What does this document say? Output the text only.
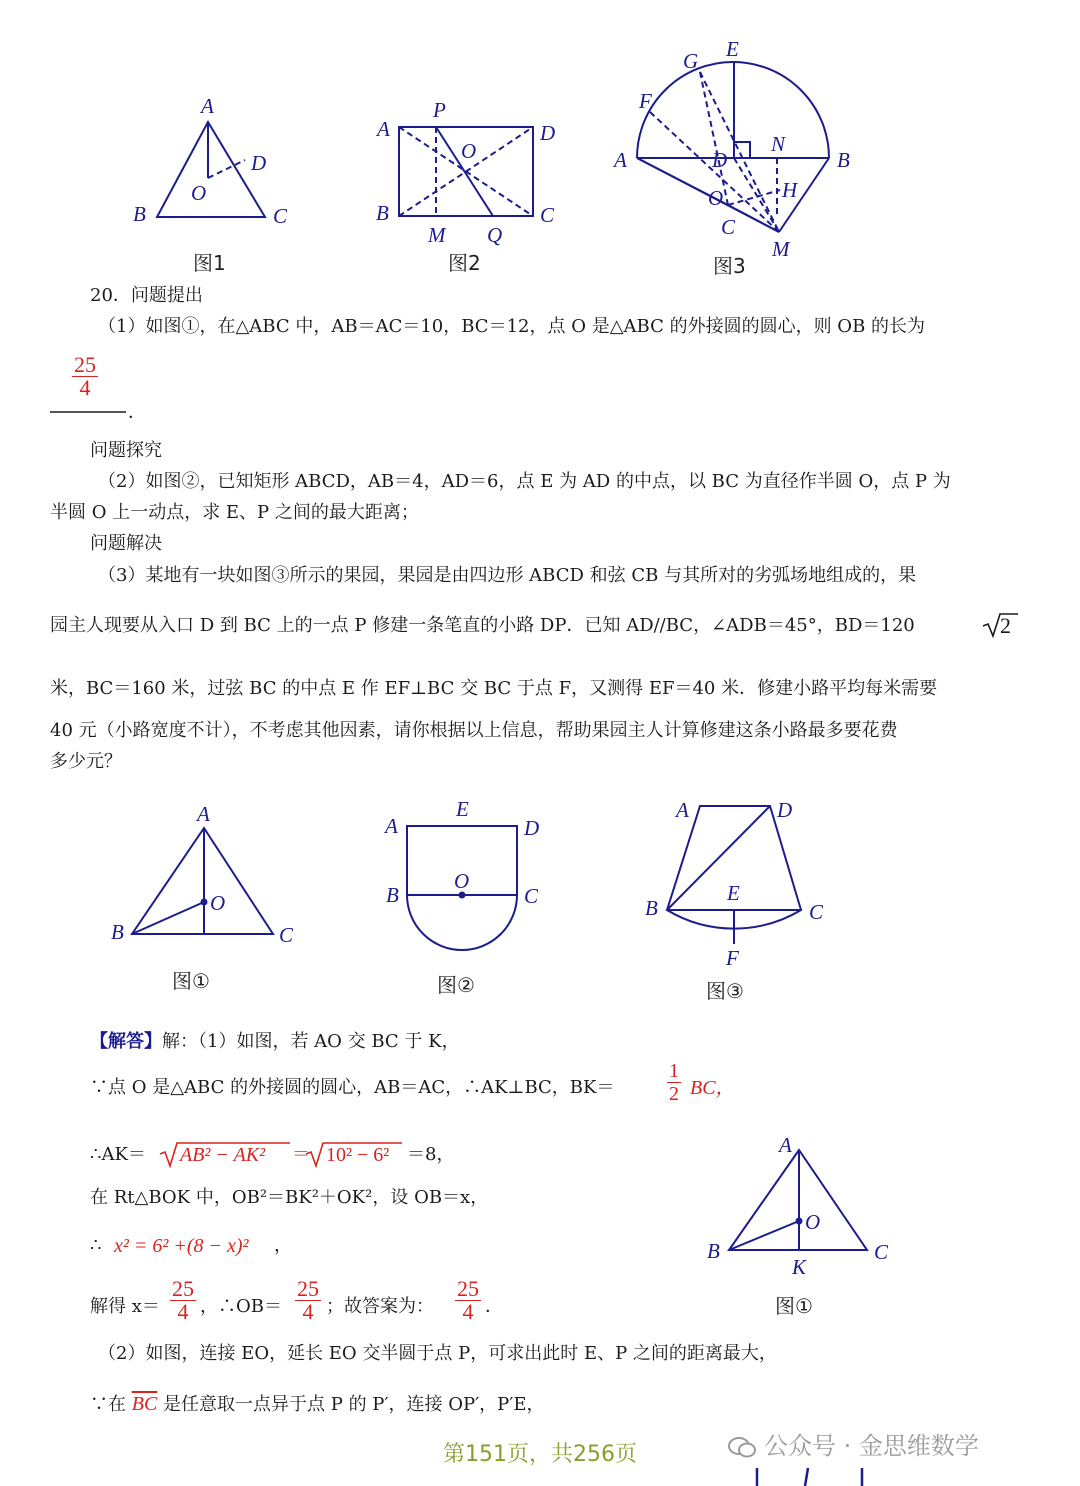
A
B	C
D
O
图1
P
A	D
O
B	C
M Q
图2
G E
F
A	D
N
B
O	H
C
M
图3
A
O
B	C
图①
E
A	D
O
B	C
图②
A	D
E
B	C
F
图③
A
O
B
K
C
图①
20．问题提出
（1）如图①，在△ABC 中，AB＝AC＝10，BC＝12，点 O 是△ABC 的外接圆的圆心，则 OB 的长为
$\frac{25}{4}$
．
问题探究
（2）如图②，已知矩形 ABCD，AB＝4，AD＝6，点 E 为 AD 的中点，以 BC 为直径作半圆 O，点 P 为
半圆 O 上一动点，求 E、P 之间的最大距离；
问题解决
（3）某地有一块如图③所示的果园，果园是由四边形 ABCD 和弦 CB 与其所对的劣弧场地组成的，果
园主人现要从入口 D 到 BC 上的一点 P 修建一条笔直的小路 DP．已知 AD//BC，∠ADB＝45°，BD＝120	2
米，BC＝160 米，过弦 BC 的中点 E 作 EF⊥BC 交 BC 于点 F，又测得 EF＝40 米．修建小路平均每米需要
40 元（小路宽度不计），不考虑其他因素，请你根据以上信息，帮助果园主人计算修建这条小路最多要花费
多少元？
【解答】解：（1）如图，若 AO 交 BC 于 K，
∵点 O 是△ABC 的外接圆的圆心，AB＝AC，∴AK⊥BC，BK＝	$\frac{1}{2}$ BC，
∴AK＝ AB² − AK² ＝ 10² − 6² ＝8，
在 Rt△BOK 中，OB²＝BK²＋OK²，设 OB＝x，
∴ x² = 6² +(8 − x)² ，
解得 $x= \frac{25}{4}$ ，∴OB＝ $\frac{25}{4}$ ；故答案为： $\frac{25}{4}$ ．
（2）如图，连接 EO，延长 EO 交半圆于点 P，可求出此时 E、P 之间的距离最大，
∵在 $\overline{BC}$ 是任意取一点异于点 P 的 P′，连接 OP′，P′E，
第151页，共256页	公众号 · 金思维数学
